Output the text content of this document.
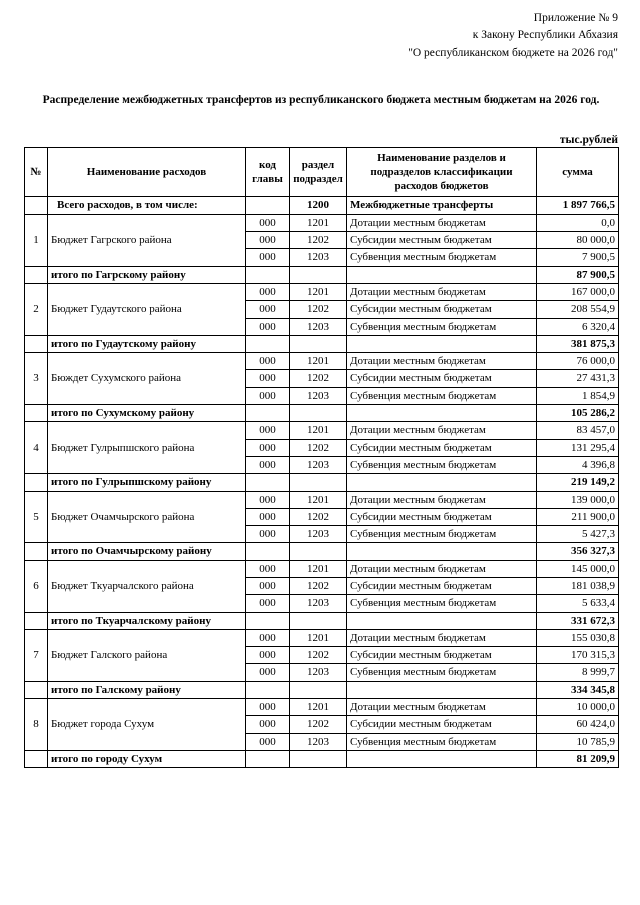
Приложение № 9
к Закону Республики Абхазия
"О республиканском бюджете на 2026 год"
Распределение межбюджетных трансфертов из республиканского бюджета местным бюджетам на 2026 год.
тыс.рублей
№	Наименование расходов	код главы	раздел подраздел	Наименование разделов и подразделов классификации расходов бюджетов	сумма
	Всего расходов, в том числе:		1200	Межбюджетные трансферты	1 897 766,5
1	Бюджет Гагрского района	000	1201	Дотации местным бюджетам	0,0
		000	1202	Субсидии местным бюджетам	80 000,0
		000	1203	Субвенция местным бюджетам	7 900,5
	итого по Гагрскому району				87 900,5
2	Бюджет Гудаутского района	000	1201	Дотации местным бюджетам	167 000,0
		000	1202	Субсидии местным бюджетам	208 554,9
		000	1203	Субвенция местным бюджетам	6 320,4
	итого по Гудаутскому району				381 875,3
3	Бюждет Сухумского района	000	1201	Дотации местным бюджетам	76 000,0
		000	1202	Субсидии местным бюджетам	27 431,3
		000	1203	Субвенция местным бюджетам	1 854,9
	итого по Сухумскому району				105 286,2
4	Бюджет Гулрыпшского района	000	1201	Дотации местным бюджетам	83 457,0
		000	1202	Субсидии местным бюджетам	131 295,4
		000	1203	Субвенция местным бюджетам	4 396,8
	итого по Гулрыпшскому району				219 149,2
5	Бюджет Очамчырского района	000	1201	Дотации местным бюджетам	139 000,0
		000	1202	Субсидии местным бюджетам	211 900,0
		000	1203	Субвенция местным бюджетам	5 427,3
	итого по Очамчырскому району				356 327,3
6	Бюджет Ткуарчалского района	000	1201	Дотации местным бюджетам	145 000,0
		000	1202	Субсидии местным бюджетам	181 038,9
		000	1203	Субвенция местным бюджетам	5 633,4
	итого по Ткуарчалскому району				331 672,3
7	Бюджет Галского района	000	1201	Дотации местным бюджетам	155 030,8
		000	1202	Субсидии местным бюджетам	170 315,3
		000	1203	Субвенция местным бюджетам	8 999,7
	итого по Галскому району				334 345,8
8	Бюджет города Сухум	000	1201	Дотации местным бюджетам	10 000,0
		000	1202	Субсидии местным бюджетам	60 424,0
		000	1203	Субвенция местным бюджетам	10 785,9
	итого по городу Сухум				81 209,9
